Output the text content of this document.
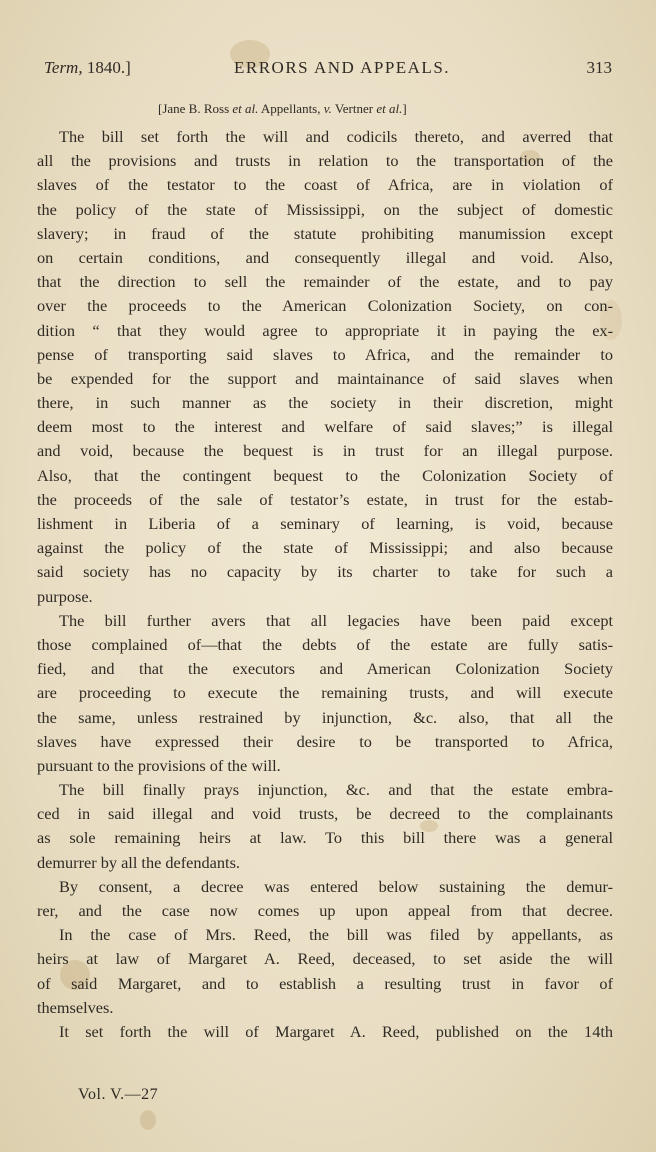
Term, 1840.]	ERRORS AND APPEALS.	313
[Jane B. Ross et al. Appellants, v. Vertner et al.]
The bill set forth the will and codicils thereto, and averred that
all the provisions and trusts in relation to the transportation of the
slaves of the testator to the coast of Africa, are in violation of
the policy of the state of Mississippi, on the subject of domestic
slavery; in fraud of the statute prohibiting manumission except
on certain conditions, and consequently illegal and void. Also,
that the direction to sell the remainder of the estate, and to pay
over the proceeds to the American Colonization Society, on con-
dition “ that they would agree to appropriate it in paying the ex-
pense of transporting said slaves to Africa, and the remainder to
be expended for the support and maintainance of said slaves when
there, in such manner as the society in their discretion, might
deem most to the interest and welfare of said slaves;” is illegal
and void, because the bequest is in trust for an illegal purpose.
Also, that the contingent bequest to the Colonization Society of
the proceeds of the sale of testator’s estate, in trust for the estab-
lishment in Liberia of a seminary of learning, is void, because
against the policy of the state of Mississippi; and also because
said society has no capacity by its charter to take for such a
purpose.
The bill further avers that all legacies have been paid except
those complained of—that the debts of the estate are fully satis-
fied, and that the executors and American Colonization Society
are proceeding to execute the remaining trusts, and will execute
the same, unless restrained by injunction, &c. also, that all the
slaves have expressed their desire to be transported to Africa,
pursuant to the provisions of the will.
The bill finally prays injunction, &c. and that the estate embra-
ced in said illegal and void trusts, be decreed to the complainants
as sole remaining heirs at law. To this bill there was a general
demurrer by all the defendants.
By consent, a decree was entered below sustaining the demur-
rer, and the case now comes up upon appeal from that decree.
In the case of Mrs. Reed, the bill was filed by appellants, as
heirs at law of Margaret A. Reed, deceased, to set aside the will
of said Margaret, and to establish a resulting trust in favor of
themselves.
It set forth the will of Margaret A. Reed, published on the 14th
Vol. V.—27
